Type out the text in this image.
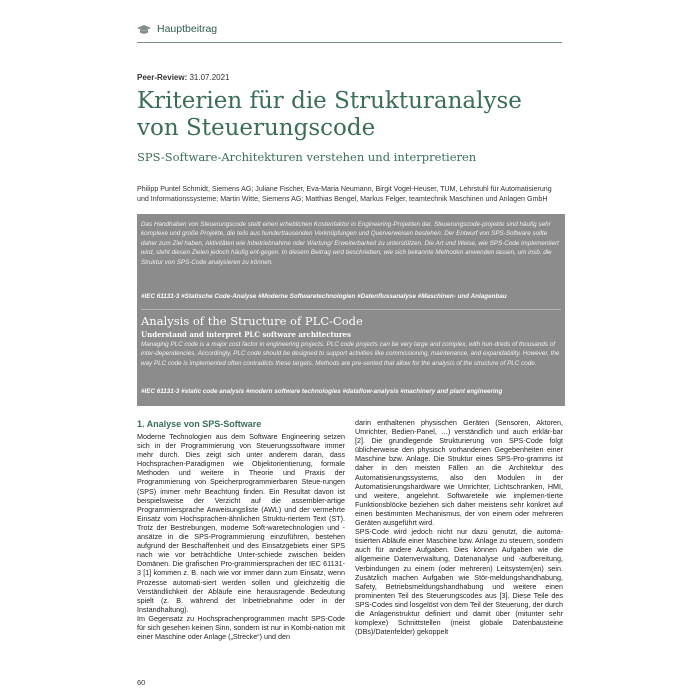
Hauptbeitrag
Peer-Review: 31.07.2021
Kriterien für die Strukturanalyse von Steuerungscode
SPS-Software-Architekturen verstehen und interpretieren
Philipp Puntel Schmidt, Siemens AG; Juliane Fischer, Eva-Maria Neumann, Birgit Vogel-Heuser, TUM, Lehrstuhl für Automatisierung und Informationssysteme; Martin Witte, Siemens AG; Matthias Bengel, Markus Felger, teamtechnik Maschinen und Anlagen GmbH
Das Handhaben von Steuerungscode stellt einen erheblichen Kostenfaktor in Engineering-Projekten dar. Steuerungscode-projekte sind häufig sehr komplexe und große Projekte, die teils aus hunderttausenden Verknüpfungen und Querverweisen bestehen. Der Entwurf von SPS-Software sollte daher zum Ziel haben, Aktivitäten wie Inbetriebnahme oder Wartung/ Erweiterbarkeit zu unterstützen. Die Art und Weise, wie SPS-Code implementiert wird, steht diesen Zielen jedoch häufig ent-gegen. In diesem Beitrag wird beschrieben, wie sich bekannte Methoden anwenden lassen, um insb. die Struktur von SPS-Code analysieren zu können.
#IEC 61131-3 #Statische Code-Analyse #Moderne Softwaretechnologien #Datenflussanalyse #Maschinen- und Anlagenbau
Analysis of the Structure of PLC-Code
Understand and interpret PLC software architectures
Managing PLC code is a major cost factor in engineering projects. PLC code projects can be very large and complex, with hun-dreds of thousands of inter-dependencies. Accordingly, PLC code should be designed to support activities like commissioning, maintenance, and expandability. However, the way PLC code is implemented often contradicts these targets. Methods are pre-sented that allow for the analysis of the structure of PLC code.
#IEC 61131-3 #static code analysis #modern software technologies #dataflow-analysis #machinery and plant engineering
1. Analyse von SPS-Software

Moderne Technologien aus dem Software Engineering setzen sich in der Programmierung von Steuerungssoftware immer mehr durch. Dies zeigt sich unter anderem daran, dass Hochsprachen-Paradigmen wie Objektorientierung, formale Methoden und weitere in Theorie und Praxis der Programmierung von Speicherprogrammierbaren Steue-rungen (SPS) immer mehr Beachtung finden. Ein Resultat davon ist beispielsweise der Verzicht auf die assembler-artige Programmiersprache Anweisungsliste (AWL) und der vermehrte Einsatz vom Hochsprachen-ähnlichen Struktu-riertem Text (ST). Trotz der Bestrebungen, moderne Soft-waretechnologien und -ansätze in die SPS-Programmierung einzuführen, bestehen aufgrund der Beschaffenheit und des Einsatzgebiets einer SPS nach wie vor beträchtliche Unter-schiede zwischen beiden Domänen. Die grafischen Pro-grammiersprachen der IEC 61131-3 [1] kommen z. B. nach wie vor immer dann zum Einsatz, wenn Prozesse automati-siert werden sollen und gleichzeitig die Verständlichkeit der Abläufe eine herausragende Bedeutung spielt (z. B. während der Inbetriebnahme oder in der Instandhaltung).

Im Gegensatz zu Hochsprachenprogrammen macht SPS-Code für sich gesehen keinen Sinn, sondern ist nur in Kombi-nation mit einer Maschine oder Anlage („Strecke“) und den

darin enthaltenen physischen Geräten (Sensoren, Aktoren, Umrichter, Bedien-Panel, …) verständlich und auch erklär-bar [2]. Die grundlegende Strukturierung von SPS-Code folgt üblicherweise den physisch vorhandenen Gegebenheiten einer Maschine bzw. Anlage. Die Struktur eines SPS-Pro-gramms ist daher in den meisten Fällen an die Architektur des Automatisierungssystems, also den Modulen in der Automatisierungshardware wie Umrichter, Lichtschranken, HMI, und weitere, angelehnt. Softwareteile wie implemen-tierte Funktionsblöcke beziehen sich daher meistens sehr konkret auf einen bestimmten Mechanismus, der von einem oder mehreren Geräten ausgeführt wird.

SPS-Code wird jedoch nicht nur dazu genutzt, die automa-tisierten Abläufe einer Maschine bzw. Anlage zu steuern, sondern auch für andere Aufgaben. Dies können Aufgaben wie die allgemeine Datenverwaltung, Datenanalyse und -aufbereitung, Verbindungen zu einem (oder mehreren) Leitsystem(en) sein. Zusätzlich machen Aufgaben wie Stör-meldungshandhabung, Safety, Betriebsmeldungshandhabung und weitere einen prominenten Teil des Steuerungscodes aus [3]. Diese Teile des SPS-Codes sind losgelöst von dem Teil der Steuerung, der durch die Anlagenstruktur definiert und damit über (mitunter sehr komplexe) Schnittstellen (meist globale Datenbausteine (DBs)/Datenfelder) gekoppelt

60
